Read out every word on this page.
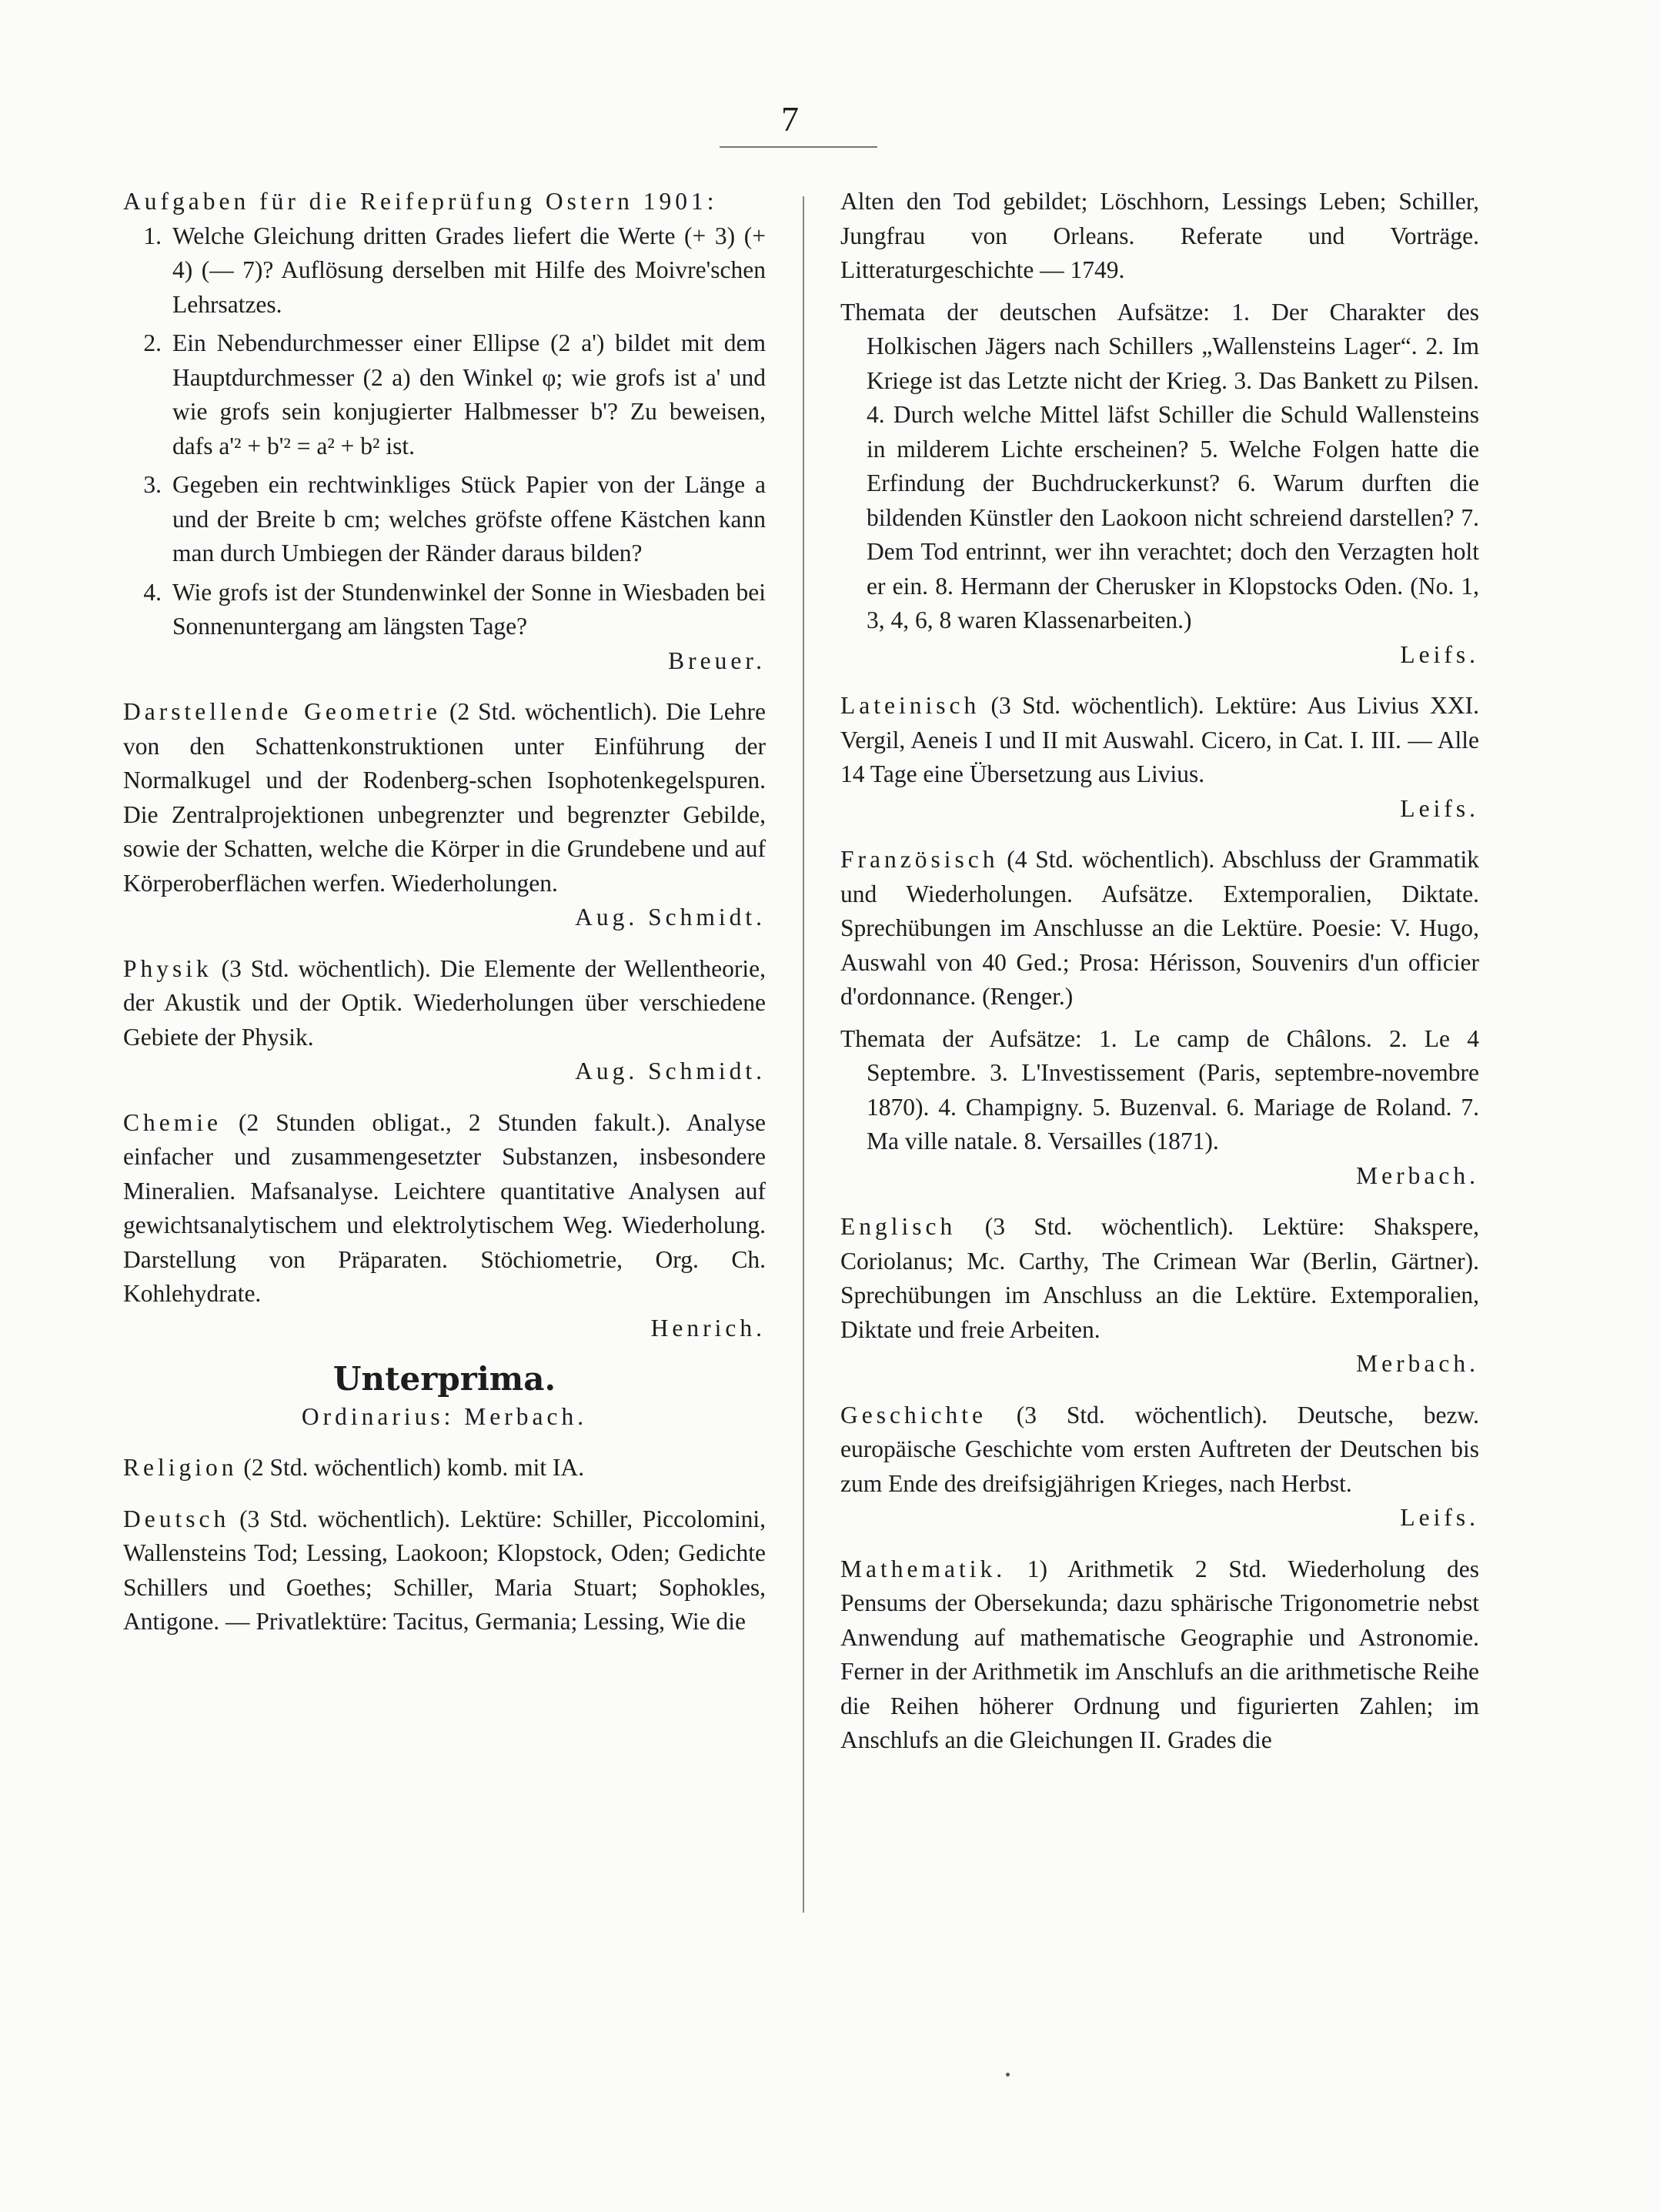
7

Aufgaben für die Reifeprüfung Ostern 1901:

1. Welche Gleichung dritten Grades liefert die Werte (+ 3) (+ 4) (— 7)? Auflösung derselben mit Hilfe des Moivre'schen Lehrsatzes.
2. Ein Nebendurchmesser einer Ellipse (2 a') bildet mit dem Hauptdurchmesser (2 a) den Winkel φ; wie grofs ist a' und wie grofs sein konjugierter Halbmesser b'? Zu beweisen, dafs a'² + b'² = a² + b² ist.
3. Gegeben ein rechtwinkliges Stück Papier von der Länge a und der Breite b cm; welches gröfste offene Kästchen kann man durch Umbiegen der Ränder daraus bilden?
4. Wie grofs ist der Stundenwinkel der Sonne in Wiesbaden bei Sonnenuntergang am längsten Tage?

Breuer.

Darstellende Geometrie (2 Std. wöchentlich). Die Lehre von den Schattenkonstruktionen unter Einführung der Normalkugel und der Rodenberg-schen Isophotenkegelspuren. Die Zentralprojektionen unbegrenzter und begrenzter Gebilde, sowie der Schatten, welche die Körper in die Grundebene und auf Körperoberflächen werfen. Wiederholungen.

Aug. Schmidt.

Physik (3 Std. wöchentlich). Die Elemente der Wellentheorie, der Akustik und der Optik. Wiederholungen über verschiedene Gebiete der Physik.

Aug. Schmidt.

Chemie (2 Stunden obligat., 2 Stunden fakult.). Analyse einfacher und zusammengesetzter Substanzen, insbesondere Mineralien. Mafsanalyse. Leichtere quantitative Analysen auf gewichtsanalytischem und elektrolytischem Weg. Wiederholung. Darstellung von Präparaten. Stöchiometrie, Org. Ch. Kohlehydrate.

Henrich.

Unterprima.

Ordinarius: Merbach.

Religion (2 Std. wöchentlich) komb. mit IA.

Deutsch (3 Std. wöchentlich). Lektüre: Schiller, Piccolomini, Wallensteins Tod; Lessing, Laokoon; Klopstock, Oden; Gedichte Schillers und Goethes; Schiller, Maria Stuart; Sophokles, Antigone. — Privatlektüre: Tacitus, Germania; Lessing, Wie die

Alten den Tod gebildet; Löschhorn, Lessings Leben; Schiller, Jungfrau von Orleans. Referate und Vorträge. Litteraturgeschichte — 1749.

Themata der deutschen Aufsätze: 1. Der Charakter des Holkischen Jägers nach Schillers „Wallensteins Lager“. 2. Im Kriege ist das Letzte nicht der Krieg. 3. Das Bankett zu Pilsen. 4. Durch welche Mittel läfst Schiller die Schuld Wallensteins in milderem Lichte erscheinen? 5. Welche Folgen hatte die Erfindung der Buchdruckerkunst? 6. Warum durften die bildenden Künstler den Laokoon nicht schreiend darstellen? 7. Dem Tod entrinnt, wer ihn verachtet; doch den Verzagten holt er ein. 8. Hermann der Cherusker in Klopstocks Oden. (No. 1, 3, 4, 6, 8 waren Klassenarbeiten.)

Leifs.

Lateinisch (3 Std. wöchentlich). Lektüre: Aus Livius XXI. Vergil, Aeneis I und II mit Auswahl. Cicero, in Cat. I. III. — Alle 14 Tage eine Übersetzung aus Livius.

Leifs.

Französisch (4 Std. wöchentlich). Abschluss der Grammatik und Wiederholungen. Aufsätze. Extemporalien, Diktate. Sprechübungen im Anschlusse an die Lektüre. Poesie: V. Hugo, Auswahl von 40 Ged.; Prosa: Hérisson, Souvenirs d'un officier d'ordonnance. (Renger.)

Themata der Aufsätze: 1. Le camp de Châlons. 2. Le 4 Septembre. 3. L'Investissement (Paris, septembre-novembre 1870). 4. Champigny. 5. Buzenval. 6. Mariage de Roland. 7. Ma ville natale. 8. Versailles (1871).

Merbach.

Englisch (3 Std. wöchentlich). Lektüre: Shakspere, Coriolanus; Mc. Carthy, The Crimean War (Berlin, Gärtner). Sprechübungen im Anschluss an die Lektüre. Extemporalien, Diktate und freie Arbeiten.

Merbach.

Geschichte (3 Std. wöchentlich). Deutsche, bezw. europäische Geschichte vom ersten Auftreten der Deutschen bis zum Ende des dreifsigjährigen Krieges, nach Herbst.

Leifs.

Mathematik. 1) Arithmetik 2 Std. Wiederholung des Pensums der Obersekunda; dazu sphärische Trigonometrie nebst Anwendung auf mathematische Geographie und Astronomie. Ferner in der Arithmetik im Anschlufs an die arithmetische Reihe die Reihen höherer Ordnung und figurierten Zahlen; im Anschlufs an die Gleichungen II. Grades die
